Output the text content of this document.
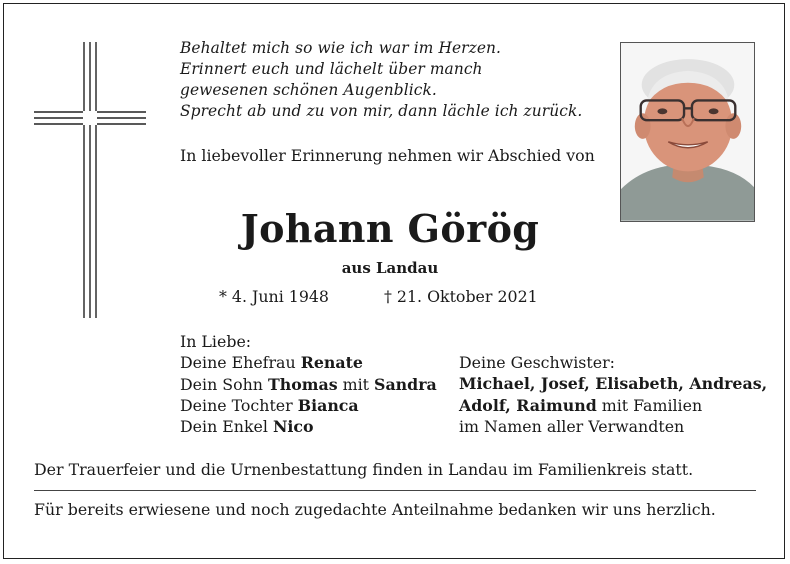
Behaltet mich so wie ich war im Herzen.
Erinnert euch und lächelt über manch
gewesenen schönen Augenblick.
Sprecht ab und zu von mir, dann lächle ich zurück.
In liebevoller Erinnerung nehmen wir Abschied von
Johann Görög
aus Landau
* 4. Juni 1948	† 21. Oktober 2021
In Liebe:
Deine Ehefrau Renate
Dein Sohn Thomas mit Sandra
Deine Tochter Bianca
Dein Enkel Nico
Deine Geschwister:
Michael, Josef, Elisabeth, Andreas,
Adolf, Raimund mit Familien
im Namen aller Verwandten
Der Trauerfeier und die Urnenbestattung finden in Landau im Familienkreis statt.
Für bereits erwiesene und noch zugedachte Anteilnahme bedanken wir uns herzlich.
